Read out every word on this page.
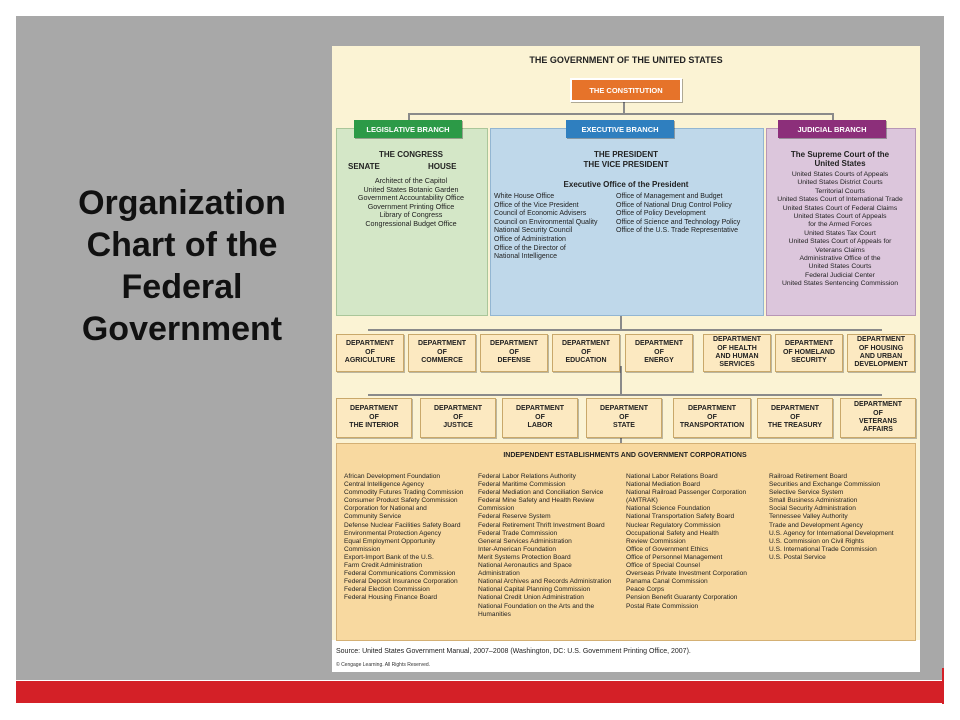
Organization Chart of the Federal Government
THE GOVERNMENT OF THE UNITED STATES
THE CONSTITUTION
LEGISLATIVE BRANCH
THE CONGRESS
SENATE	HOUSE
Architect of the Capitol
United States Botanic Garden
Government Accountability Office
Government Printing Office
Library of Congress
Congressional Budget Office
EXECUTIVE BRANCH
THE PRESIDENT
THE VICE PRESIDENT
Executive Office of the President
White House Office
Office of the Vice President
Council of Economic Advisers
Council on Environmental Quality
National Security Council
Office of Administration
Office of the Director of
National Intelligence
Office of Management and Budget
Office of National Drug Control Policy
Office of Policy Development
Office of Science and Technology Policy
Office of the U.S. Trade Representative
JUDICIAL BRANCH
The Supreme Court of the United States
United States Courts of Appeals
United States District Courts
Territorial Courts
United States Court of International Trade
United States Court of Federal Claims
United States Court of Appeals
for the Armed Forces
United States Tax Court
United States Court of Appeals for
Veterans Claims
Administrative Office of the
United States Courts
Federal Judicial Center
United States Sentencing Commission
DEPARTMENT
OF
AGRICULTURE
DEPARTMENT
OF
COMMERCE
DEPARTMENT
OF
DEFENSE
DEPARTMENT
OF
EDUCATION
DEPARTMENT
OF
ENERGY
DEPARTMENT
OF HEALTH
AND HUMAN
SERVICES
DEPARTMENT
OF HOMELAND
SECURITY
DEPARTMENT
OF HOUSING
AND URBAN
DEVELOPMENT
DEPARTMENT
OF
THE INTERIOR
DEPARTMENT
OF
JUSTICE
DEPARTMENT
OF
LABOR
DEPARTMENT
OF
STATE
DEPARTMENT
OF
TRANSPORTATION
DEPARTMENT
OF
THE TREASURY
DEPARTMENT
OF
VETERANS
AFFAIRS
INDEPENDENT ESTABLISHMENTS AND GOVERNMENT CORPORATIONS
African Development Foundation
Central Intelligence Agency
Commodity Futures Trading Commission
Consumer Product Safety Commission
Corporation for National and
Community Service
Defense Nuclear Facilities Safety Board
Environmental Protection Agency
Equal Employment Opportunity
Commission
Export-Import Bank of the U.S.
Farm Credit Administration
Federal Communications Commission
Federal Deposit Insurance Corporation
Federal Election Commission
Federal Housing Finance Board
Federal Labor Relations Authority
Federal Maritime Commission
Federal Mediation and Conciliation Service
Federal Mine Safety and Health Review
Commission
Federal Reserve System
Federal Retirement Thrift Investment Board
Federal Trade Commission
General Services Administration
Inter-American Foundation
Merit Systems Protection Board
National Aeronautics and Space
Administration
National Archives and Records Administration
National Capital Planning Commission
National Credit Union Administration
National Foundation on the Arts and the
Humanities
National Labor Relations Board
National Mediation Board
National Railroad Passenger Corporation
(AMTRAK)
National Science Foundation
National Transportation Safety Board
Nuclear Regulatory Commission
Occupational Safety and Health
Review Commission
Office of Government Ethics
Office of Personnel Management
Office of Special Counsel
Overseas Private Investment Corporation
Panama Canal Commission
Peace Corps
Pension Benefit Guaranty Corporation
Postal Rate Commission
Railroad Retirement Board
Securities and Exchange Commission
Selective Service System
Small Business Administration
Social Security Administration
Tennessee Valley Authority
Trade and Development Agency
U.S. Agency for International Development
U.S. Commission on Civil Rights
U.S. International Trade Commission
U.S. Postal Service
Source: United States Government Manual, 2007–2008 (Washington, DC: U.S. Government Printing Office, 2007).
© Cengage Learning. All Rights Reserved.
